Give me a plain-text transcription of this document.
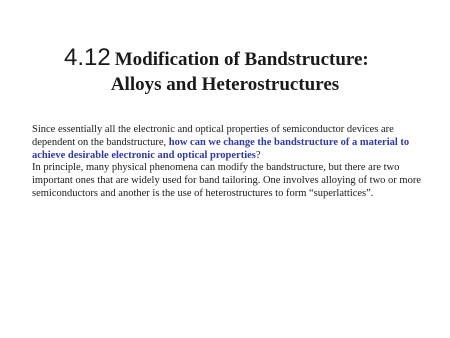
4.12 Modification of Bandstructure:
Alloys and Heterostructures

Since essentially all the electronic and optical properties of semiconductor devices are dependent on the bandstructure, how can we change the bandstructure of a material to achieve desirable electronic and optical properties?

In principle, many physical phenomena can modify the bandstructure, but there are two important ones that are widely used for band tailoring. One involves alloying of two or more semiconductors and another is the use of heterostructures to form “superlattices”.
